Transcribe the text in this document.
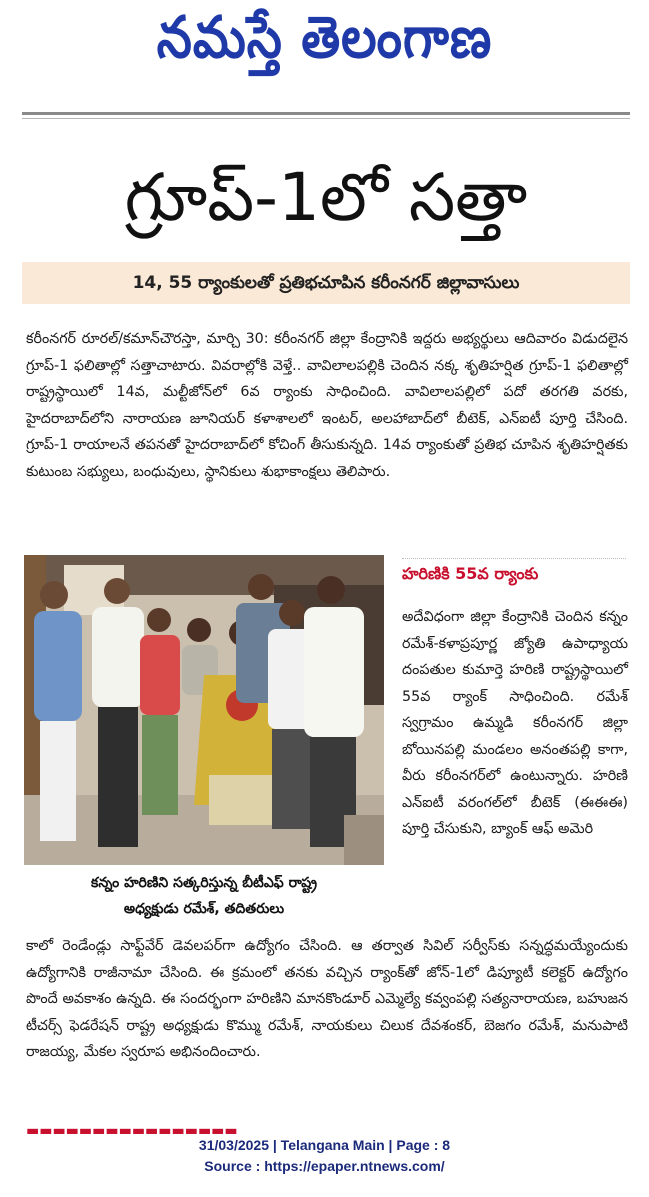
నమస్తే తెలంగాణ
గ్రూప్-1లో సత్తా
14, 55 ర్యాంకులతో ప్రతిభచూపిన కరీంనగర్ జిల్లావాసులు

కరీంనగర్ రూరల్/కమాన్‌చౌరస్తా, మార్చి 30: కరీంనగర్ జిల్లా కేంద్రానికి ఇద్దరు అభ్యర్థులు ఆదివారం విడుదలైన గ్రూప్-1 ఫలితాల్లో సత్తాచాటారు. వివరాల్లోకి వెళ్తే.. వావిలాలపల్లికి చెందిన నక్క శృతిహర్షిత గ్రూప్-1 ఫలితాల్లో రాష్ట్రస్థాయిలో 14వ, మల్టీజోన్‌లో 6వ ర్యాంకు సాధించింది. వావిలాలపల్లిలో పదో తరగతి వరకు, హైదరాబాద్‌లోని నారాయణ జూనియర్ కళాశాలలో ఇంటర్, అలహాబాద్‌లో బీటెక్, ఎన్‌ఐటీ పూర్తి చేసింది. గ్రూప్-1 రాయాలనే తపనతో హైదరాబాద్‌లో కోచింగ్ తీసుకున్నది. 14వ ర్యాంకుతో ప్రతిభ చూపిన శృతిహర్షితకు కుటుంబ సభ్యులు, బంధువులు, స్థానికులు శుభాకాంక్షలు తెలిపారు.

కన్నం హరిణిని సత్కరిస్తున్న బీటీఎఫ్ రాష్ట్ర
అధ్యక్షుడు రమేశ్, తదితరులు
హరిణికి 55వ ర్యాంకు

అదేవిధంగా జిల్లా కేంద్రానికి చెందిన కన్నం రమేశ్-కళాప్రపూర్ణ జ్యోతి ఉపాధ్యాయ దంపతుల కుమార్తె హరిణి రాష్ట్రస్థాయిలో 55వ ర్యాంక్ సాధించింది. రమేశ్ స్వగ్రామం ఉమ్మడి కరీంనగర్ జిల్లా బోయినపల్లి మండలం అనంతపల్లి కాగా, వీరు కరీంనగర్‌లో ఉంటున్నారు. హరిణి ఎన్‌ఐటీ వరంగల్‌లో బీటెక్ (ఈఈఈ) పూర్తి చేసుకుని, బ్యాంక్ ఆఫ్ అమెరి

కాలో రెండేండ్లు సాఫ్ట్‌వేర్ డెవలపర్‌గా ఉద్యోగం చేసింది. ఆ తర్వాత సివిల్ సర్వీస్‌కు సన్నద్ధమయ్యేందుకు ఉద్యోగానికి రాజీనామా చేసింది. ఈ క్రమంలో తనకు వచ్చిన ర్యాంక్‌తో జోన్-1లో డిప్యూటీ కలెక్టర్ ఉద్యోగం పొందే అవకాశం ఉన్నది. ఈ సందర్భంగా హరిణిని మానకొండూర్ ఎమ్మెల్యే కవ్వంపల్లి సత్యనారాయణ, బహుజన టీచర్స్ ఫెడరేషన్ రాష్ట్ర అధ్యక్షుడు కొమ్ము రమేశ్, నాయకులు చిలుక దేవశంకర్, బెజగం రమేశ్, మనుపాటి రాజయ్య, మేకల స్వరూప అభినందించారు.

▬▬▬▬▬▬▬▬▬▬▬▬▬▬▬▬
31/03/2025 | Telangana Main | Page : 8
Source : https://epaper.ntnews.com/
